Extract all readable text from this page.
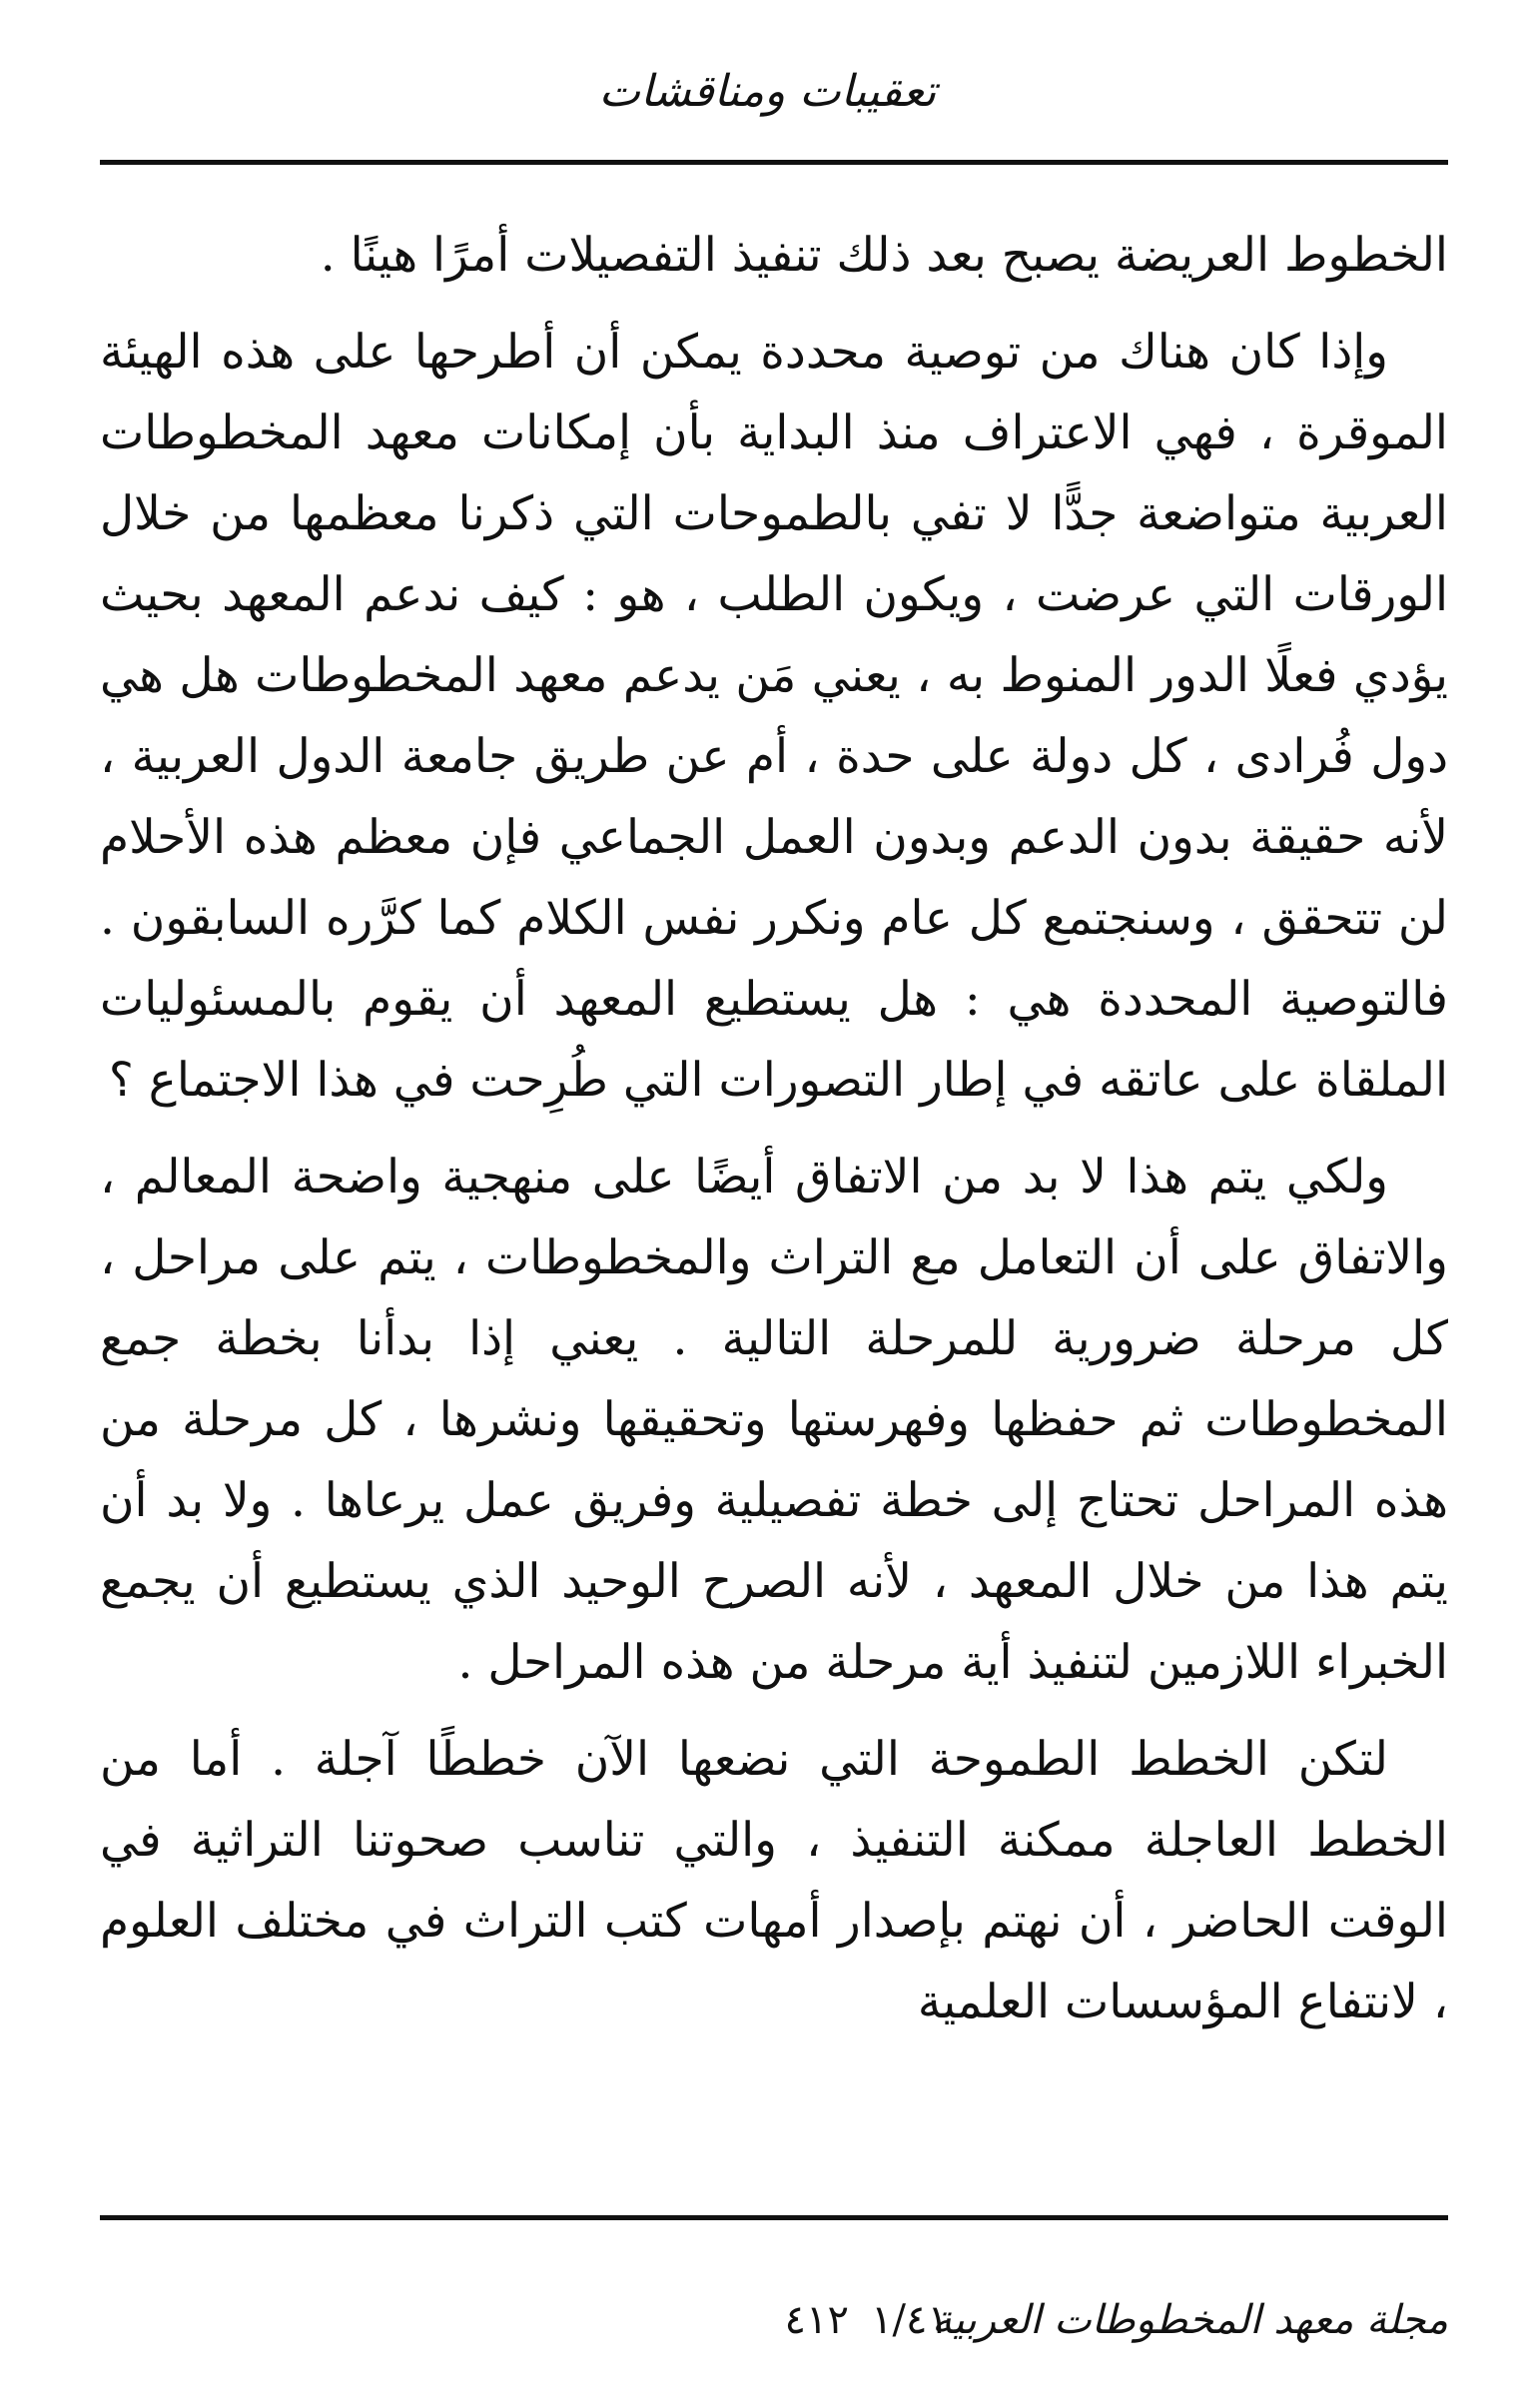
تعقيبات ومناقشات

الخطوط العريضة يصبح بعد ذلك تنفيذ التفصيلات أمرًا هينًا .

وإذا كان هناك من توصية محددة يمكن أن أطرحها على هذه الهيئة الموقرة ، فهي الاعتراف منذ البداية بأن إمكانات معهد المخطوطات العربية متواضعة جدًّا لا تفي بالطموحات التي ذكرنا معظمها من خلال الورقات التي عرضت ، ويكون الطلب ، هو : كيف ندعم المعهد بحيث يؤدي فعلًا الدور المنوط به ، يعني مَن يدعم معهد المخطوطات هل هي دول فُرادى ، كل دولة على حدة ، أم عن طريق جامعة الدول العربية ، لأنه حقيقة بدون الدعم وبدون العمل الجماعي فإن معظم هذه الأحلام لن تتحقق ، وسنجتمع كل عام ونكرر نفس الكلام كما كرَّره السابقون . فالتوصية المحددة هي : هل يستطيع المعهد أن يقوم بالمسئوليات الملقاة على عاتقه في إطار التصورات التي طُرِحت في هذا الاجتماع ؟

ولكي يتم هذا لا بد من الاتفاق أيضًا على منهجية واضحة المعالم ، والاتفاق على أن التعامل مع التراث والمخطوطات ، يتم على مراحل ، كل مرحلة ضرورية للمرحلة التالية . يعني إذا بدأنا بخطة جمع المخطوطات ثم حفظها وفهرستها وتحقيقها ونشرها ، كل مرحلة من هذه المراحل تحتاج إلى خطة تفصيلية وفريق عمل يرعاها . ولا بد أن يتم هذا من خلال المعهد ، لأنه الصرح الوحيد الذي يستطيع أن يجمع الخبراء اللازمين لتنفيذ أية مرحلة من هذه المراحل .

لتكن الخطط الطموحة التي نضعها الآن خططًا آجلة . أما من الخطط العاجلة ممكنة التنفيذ ، والتي تناسب صحوتنا التراثية في الوقت الحاضر ، أن نهتم بإصدار أمهات كتب التراث في مختلف العلوم ، لانتفاع المؤسسات العلمية

مجلة معهد المخطوطات العربية
١/٤١
٤١٢
